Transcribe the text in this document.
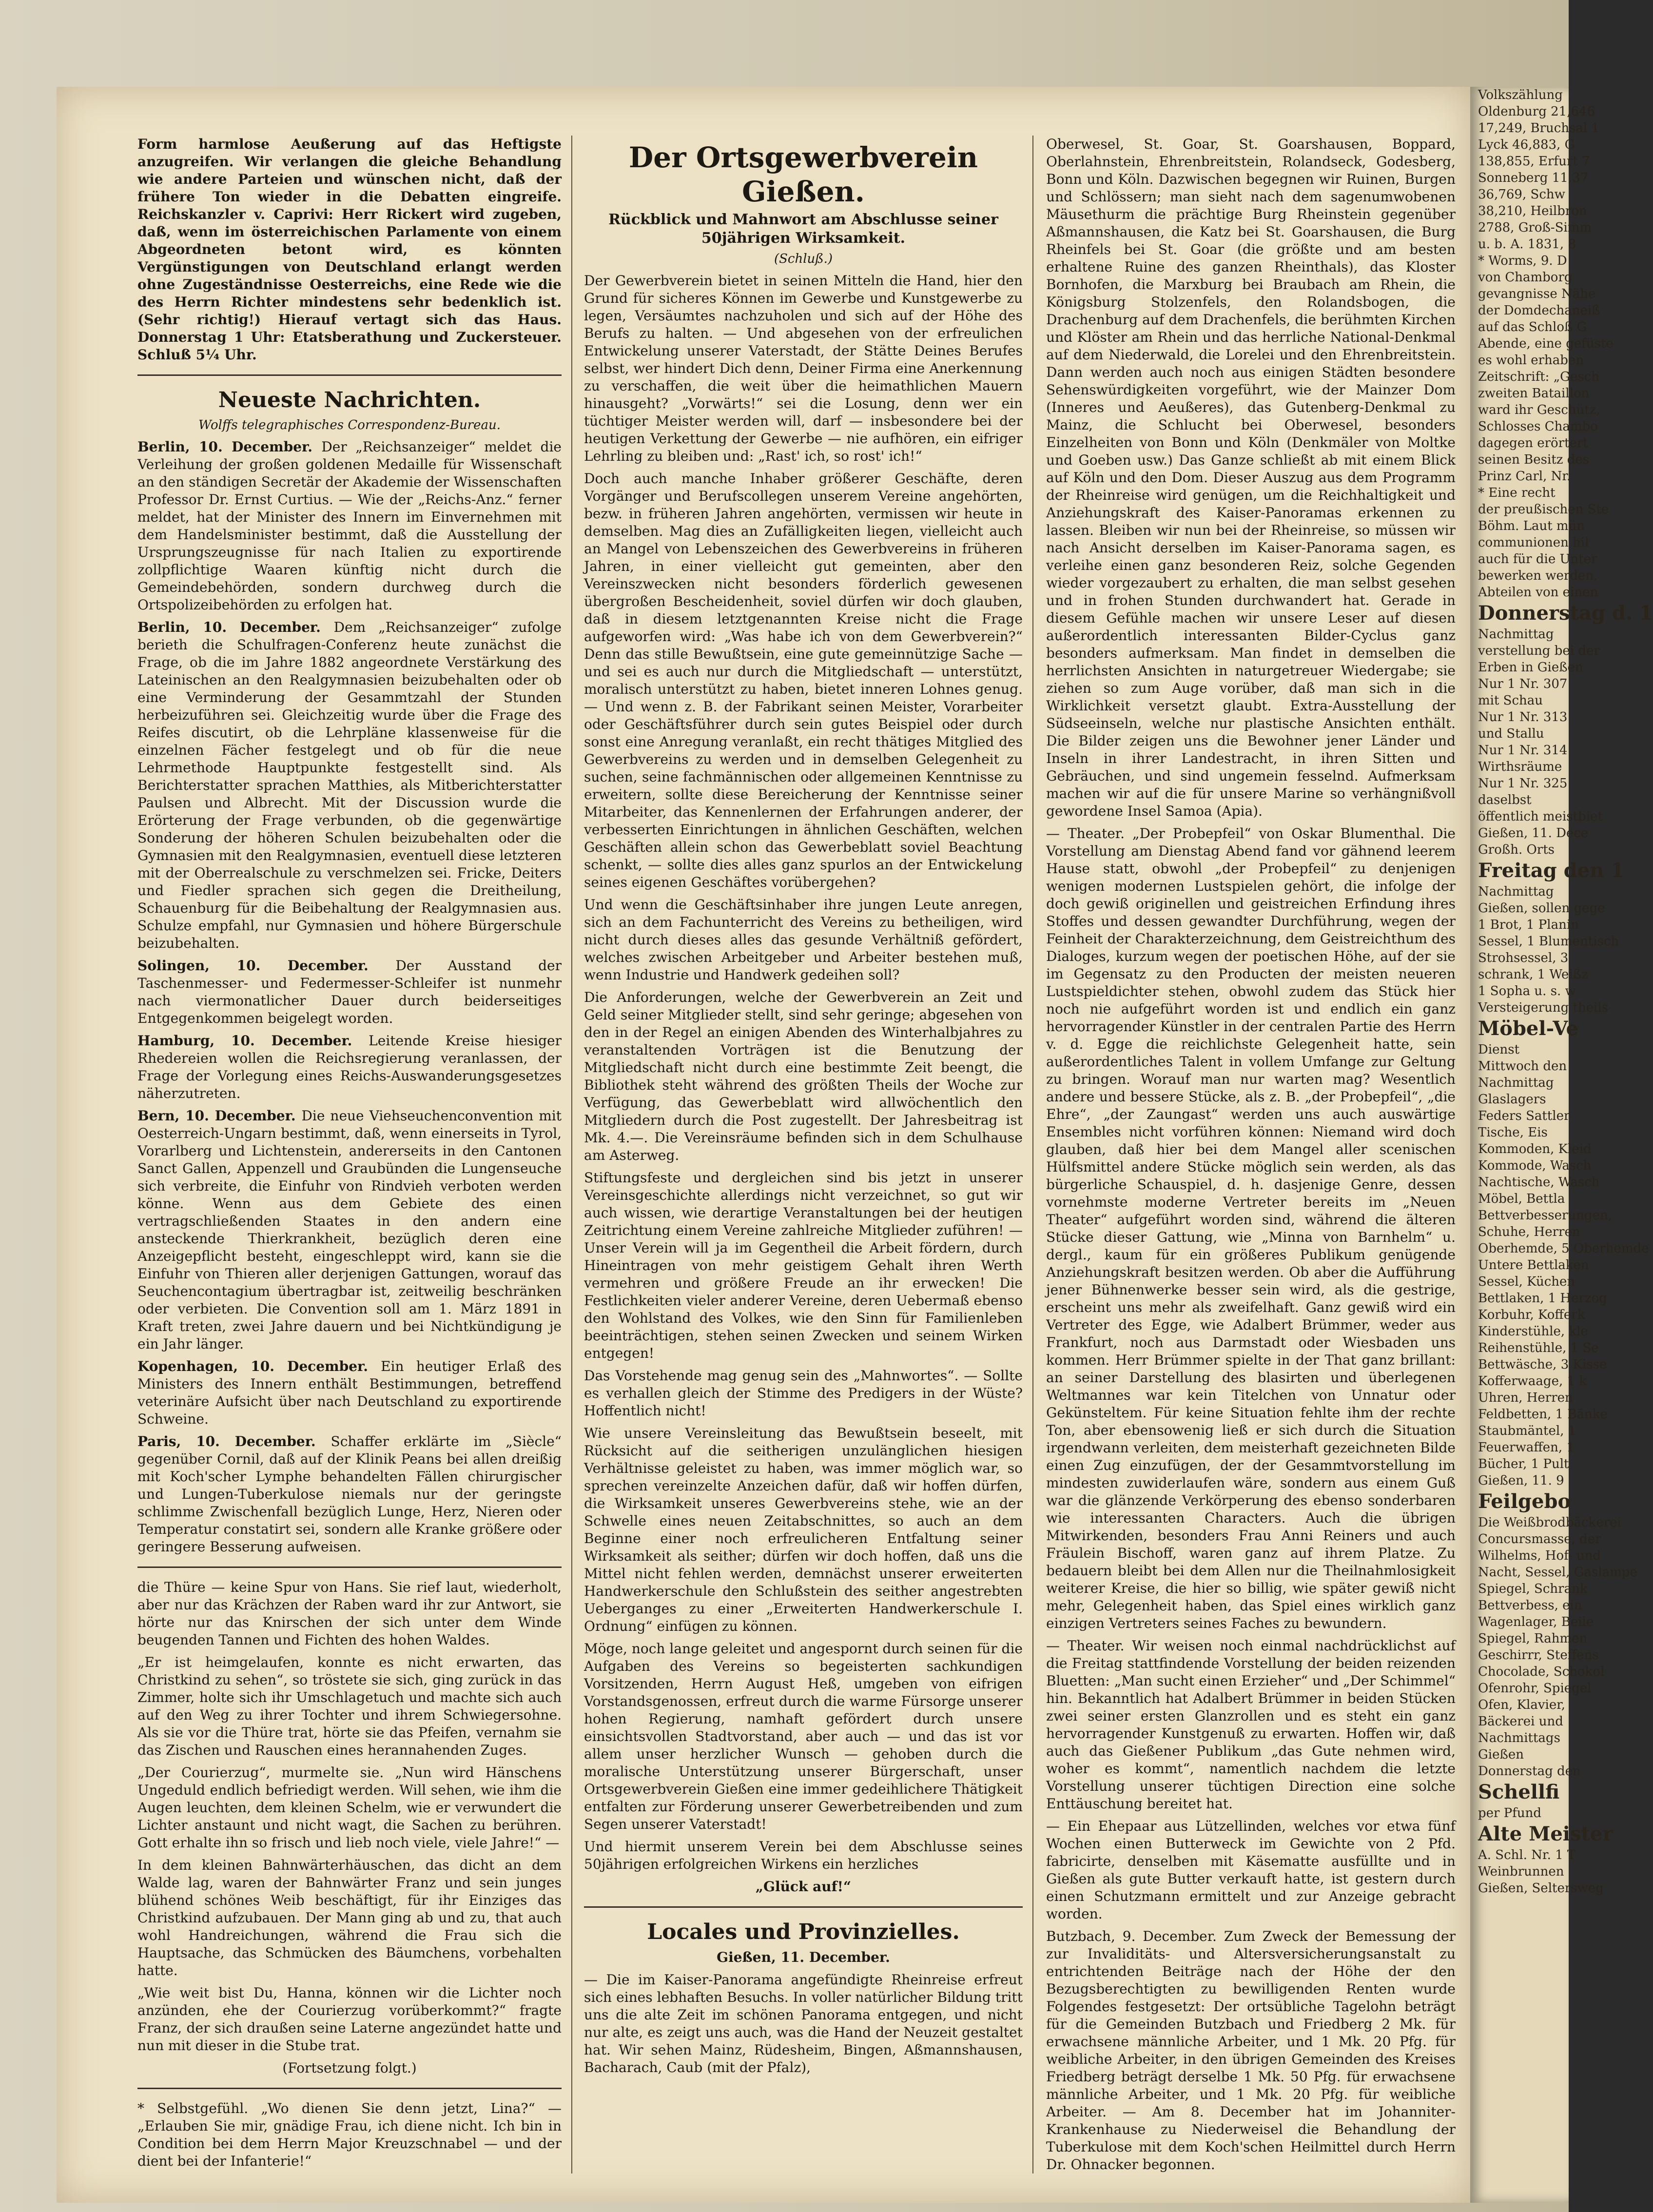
Form harmlose Aeußerung auf das Heftigste anzugreifen. Wir verlangen die gleiche Behandlung wie andere Parteien und wünschen nicht, daß der frühere Ton wieder in die Debatten eingreife. Reichskanzler v. Caprivi: Herr Rickert wird zugeben, daß, wenn im österreichischen Parlamente von einem Abgeordneten betont wird, es könnten Vergünstigungen von Deutschland erlangt werden ohne Zugeständnisse Oesterreichs, eine Rede wie die des Herrn Richter mindestens sehr bedenklich ist. (Sehr richtig!) Hierauf vertagt sich das Haus. Donnerstag 1 Uhr: Etatsberathung und Zuckersteuer. Schluß 5¼ Uhr.

Neueste Nachrichten.
Wolffs telegraphisches Correspondenz-Bureau.

Berlin, 10. December. Der „Reichsanzeiger“ meldet die Verleihung der großen goldenen Medaille für Wissenschaft an den ständigen Secretär der Akademie der Wissenschaften Professor Dr. Ernst Curtius. — Wie der „Reichs-Anz.“ ferner meldet, hat der Minister des Innern im Einvernehmen mit dem Handelsminister bestimmt, daß die Ausstellung der Ursprungszeugnisse für nach Italien zu exportirende zollpflichtige Waaren künftig nicht durch die Gemeindebehörden, sondern durchweg durch die Ortspolizeibehörden zu erfolgen hat.

Berlin, 10. December. Dem „Reichsanzeiger“ zufolge berieth die Schulfragen-Conferenz heute zunächst die Frage, ob die im Jahre 1882 angeordnete Verstärkung des Lateinischen an den Realgymnasien beizubehalten oder ob eine Verminderung der Gesammtzahl der Stunden herbeizuführen sei. Gleichzeitig wurde über die Frage des Reifes discutirt, ob die Lehrpläne klassenweise für die einzelnen Fächer festgelegt und ob für die neue Lehrmethode Hauptpunkte festgestellt sind. Als Berichterstatter sprachen Matthies, als Mitberichterstatter Paulsen und Albrecht. Mit der Discussion wurde die Erörterung der Frage verbunden, ob die gegenwärtige Sonderung der höheren Schulen beizubehalten oder die Gymnasien mit den Realgymnasien, eventuell diese letzteren mit der Oberrealschule zu verschmelzen sei. Fricke, Deiters und Fiedler sprachen sich gegen die Dreitheilung, Schauenburg für die Beibehaltung der Realgymnasien aus. Schulze empfahl, nur Gymnasien und höhere Bürgerschule beizubehalten.

Solingen, 10. December. Der Ausstand der Taschenmesser- und Federmesser-Schleifer ist nunmehr nach viermonatlicher Dauer durch beiderseitiges Entgegenkommen beigelegt worden.

Hamburg, 10. December. Leitende Kreise hiesiger Rhedereien wollen die Reichsregierung veranlassen, der Frage der Vorlegung eines Reichs-Auswanderungsgesetzes näherzutreten.

Bern, 10. December. Die neue Viehseuchenconvention mit Oesterreich-Ungarn bestimmt, daß, wenn einerseits in Tyrol, Vorarlberg und Lichtenstein, andererseits in den Cantonen Sanct Gallen, Appenzell und Graubünden die Lungenseuche sich verbreite, die Einfuhr von Rindvieh verboten werden könne. Wenn aus dem Gebiete des einen vertragschließenden Staates in den andern eine ansteckende Thierkrankheit, bezüglich deren eine Anzeigepflicht besteht, eingeschleppt wird, kann sie die Einfuhr von Thieren aller derjenigen Gattungen, worauf das Seuchencontagium übertragbar ist, zeitweilig beschränken oder verbieten. Die Convention soll am 1. März 1891 in Kraft treten, zwei Jahre dauern und bei Nichtkündigung je ein Jahr länger.

Kopenhagen, 10. December. Ein heutiger Erlaß des Ministers des Innern enthält Bestimmungen, betreffend veterinäre Aufsicht über nach Deutschland zu exportirende Schweine.

Paris, 10. December. Schaffer erklärte im „Siècle“ gegenüber Cornil, daß auf der Klinik Peans bei allen dreißig mit Koch'scher Lymphe behandelten Fällen chirurgischer und Lungen-Tuberkulose niemals nur der geringste schlimme Zwischenfall bezüglich Lunge, Herz, Nieren oder Temperatur constatirt sei, sondern alle Kranke größere oder geringere Besserung aufweisen.

die Thüre — keine Spur von Hans. Sie rief laut, wiederholt, aber nur das Krächzen der Raben ward ihr zur Antwort, sie hörte nur das Knirschen der sich unter dem Winde beugenden Tannen und Fichten des hohen Waldes.

„Er ist heimgelaufen, konnte es nicht erwarten, das Christkind zu sehen“, so tröstete sie sich, ging zurück in das Zimmer, holte sich ihr Umschlagetuch und machte sich auch auf den Weg zu ihrer Tochter und ihrem Schwiegersohne. Als sie vor die Thüre trat, hörte sie das Pfeifen, vernahm sie das Zischen und Rauschen eines herannahenden Zuges.

„Der Courierzug“, murmelte sie. „Nun wird Hänschens Ungeduld endlich befriedigt werden. Will sehen, wie ihm die Augen leuchten, dem kleinen Schelm, wie er verwundert die Lichter anstaunt und nicht wagt, die Sachen zu berühren. Gott erhalte ihn so frisch und lieb noch viele, viele Jahre!“ —

In dem kleinen Bahnwärterhäuschen, das dicht an dem Walde lag, waren der Bahnwärter Franz und sein junges blühend schönes Weib beschäftigt, für ihr Einziges das Christkind aufzubauen. Der Mann ging ab und zu, that auch wohl Handreichungen, während die Frau sich die Hauptsache, das Schmücken des Bäumchens, vorbehalten hatte.

„Wie weit bist Du, Hanna, können wir die Lichter noch anzünden, ehe der Courierzug vorüberkommt?“ fragte Franz, der sich draußen seine Laterne angezündet hatte und nun mit dieser in die Stube trat.

(Fortsetzung folgt.)

* Selbstgefühl. „Wo dienen Sie denn jetzt, Lina?“ — „Erlauben Sie mir, gnädige Frau, ich diene nicht. Ich bin in Condition bei dem Herrn Major Kreuzschnabel — und der dient bei der Infanterie!“

Der Ortsgewerbverein Gießen.
Rückblick und Mahnwort am Abschlusse seiner 50jährigen Wirksamkeit.
(Schluß.)

Der Gewerbverein bietet in seinen Mitteln die Hand, hier den Grund für sicheres Können im Gewerbe und Kunstgewerbe zu legen, Versäumtes nachzuholen und sich auf der Höhe des Berufs zu halten. — Und abgesehen von der erfreulichen Entwickelung unserer Vaterstadt, der Stätte Deines Berufes selbst, wer hindert Dich denn, Deiner Firma eine Anerkennung zu verschaffen, die weit über die heimathlichen Mauern hinausgeht? „Vorwärts!“ sei die Losung, denn wer ein tüchtiger Meister werden will, darf — insbesondere bei der heutigen Verkettung der Gewerbe — nie aufhören, ein eifriger Lehrling zu bleiben und: „Rast' ich, so rost' ich!“

Doch auch manche Inhaber größerer Geschäfte, deren Vorgänger und Berufscollegen unserem Vereine angehörten, bezw. in früheren Jahren angehörten, vermissen wir heute in demselben. Mag dies an Zufälligkeiten liegen, vielleicht auch an Mangel von Lebenszeichen des Gewerbvereins in früheren Jahren, in einer vielleicht gut gemeinten, aber den Vereinszwecken nicht besonders förderlich gewesenen übergroßen Bescheidenheit, soviel dürfen wir doch glauben, daß in diesem letztgenannten Kreise nicht die Frage aufgeworfen wird: „Was habe ich von dem Gewerbverein?“ Denn das stille Bewußtsein, eine gute gemeinnützige Sache — und sei es auch nur durch die Mitgliedschaft — unterstützt, moralisch unterstützt zu haben, bietet inneren Lohnes genug. — Und wenn z. B. der Fabrikant seinen Meister, Vorarbeiter oder Geschäftsführer durch sein gutes Beispiel oder durch sonst eine Anregung veranlaßt, ein recht thätiges Mitglied des Gewerbvereins zu werden und in demselben Gelegenheit zu suchen, seine fachmännischen oder allgemeinen Kenntnisse zu erweitern, sollte diese Bereicherung der Kenntnisse seiner Mitarbeiter, das Kennenlernen der Erfahrungen anderer, der verbesserten Einrichtungen in ähnlichen Geschäften, welchen Geschäften allein schon das Gewerbeblatt soviel Beachtung schenkt, — sollte dies alles ganz spurlos an der Entwickelung seines eigenen Geschäftes vorübergehen?

Und wenn die Geschäftsinhaber ihre jungen Leute anregen, sich an dem Fachunterricht des Vereins zu betheiligen, wird nicht durch dieses alles das gesunde Verhältniß gefördert, welches zwischen Arbeitgeber und Arbeiter bestehen muß, wenn Industrie und Handwerk gedeihen soll?

Die Anforderungen, welche der Gewerbverein an Zeit und Geld seiner Mitglieder stellt, sind sehr geringe; abgesehen von den in der Regel an einigen Abenden des Winterhalbjahres zu veranstaltenden Vorträgen ist die Benutzung der Mitgliedschaft nicht durch eine bestimmte Zeit beengt, die Bibliothek steht während des größten Theils der Woche zur Verfügung, das Gewerbeblatt wird allwöchentlich den Mitgliedern durch die Post zugestellt. Der Jahresbeitrag ist Mk. 4.—. Die Vereinsräume befinden sich in dem Schulhause am Asterweg.

Stiftungsfeste und dergleichen sind bis jetzt in unserer Vereinsgeschichte allerdings nicht verzeichnet, so gut wir auch wissen, wie derartige Veranstaltungen bei der heutigen Zeitrichtung einem Vereine zahlreiche Mitglieder zuführen! — Unser Verein will ja im Gegentheil die Arbeit fördern, durch Hineintragen von mehr geistigem Gehalt ihren Werth vermehren und größere Freude an ihr erwecken! Die Festlichkeiten vieler anderer Vereine, deren Uebermaß ebenso den Wohlstand des Volkes, wie den Sinn für Familienleben beeinträchtigen, stehen seinen Zwecken und seinem Wirken entgegen!

Das Vorstehende mag genug sein des „Mahnwortes“. — Sollte es verhallen gleich der Stimme des Predigers in der Wüste? Hoffentlich nicht!

Wie unsere Vereinsleitung das Bewußtsein beseelt, mit Rücksicht auf die seitherigen unzulänglichen hiesigen Verhältnisse geleistet zu haben, was immer möglich war, so sprechen vereinzelte Anzeichen dafür, daß wir hoffen dürfen, die Wirksamkeit unseres Gewerbvereins stehe, wie an der Schwelle eines neuen Zeitabschnittes, so auch an dem Beginne einer noch erfreulicheren Entfaltung seiner Wirksamkeit als seither; dürfen wir doch hoffen, daß uns die Mittel nicht fehlen werden, demnächst unserer erweiterten Handwerkerschule den Schlußstein des seither angestrebten Ueberganges zu einer „Erweiterten Handwerkerschule I. Ordnung“ einfügen zu können.

Möge, noch lange geleitet und angespornt durch seinen für die Aufgaben des Vereins so begeisterten sachkundigen Vorsitzenden, Herrn August Heß, umgeben von eifrigen Vorstandsgenossen, erfreut durch die warme Fürsorge unserer hohen Regierung, namhaft gefördert durch unsere einsichtsvollen Stadtvorstand, aber auch — und das ist vor allem unser herzlicher Wunsch — gehoben durch die moralische Unterstützung unserer Bürgerschaft, unser Ortsgewerbverein Gießen eine immer gedeihlichere Thätigkeit entfalten zur Förderung unserer Gewerbetreibenden und zum Segen unserer Vaterstadt!

Und hiermit unserem Verein bei dem Abschlusse seines 50jährigen erfolgreichen Wirkens ein herzliches

„Glück auf!“

Locales und Provinzielles.

Gießen, 11. December.

— Die im Kaiser-Panorama angefündigte Rheinreise erfreut sich eines lebhaften Besuchs. In voller natürlicher Bildung tritt uns die alte Zeit im schönen Panorama entgegen, und nicht nur alte, es zeigt uns auch, was die Hand der Neuzeit gestaltet hat. Wir sehen Mainz, Rüdesheim, Bingen, Aßmannshausen, Bacharach, Caub (mit der Pfalz),

Oberwesel, St. Goar, St. Goarshausen, Boppard, Oberlahnstein, Ehrenbreitstein, Rolandseck, Godesberg, Bonn und Köln. Dazwischen begegnen wir Ruinen, Burgen und Schlössern; man sieht nach dem sagenumwobenen Mäusethurm die prächtige Burg Rheinstein gegenüber Aßmannshausen, die Katz bei St. Goarshausen, die Burg Rheinfels bei St. Goar (die größte und am besten erhaltene Ruine des ganzen Rheinthals), das Kloster Bornhofen, die Marxburg bei Braubach am Rhein, die Königsburg Stolzenfels, den Rolandsbogen, die Drachenburg auf dem Drachenfels, die berühmten Kirchen und Klöster am Rhein und das herrliche National-Denkmal auf dem Niederwald, die Lorelei und den Ehrenbreitstein. Dann werden auch noch aus einigen Städten besondere Sehenswürdigkeiten vorgeführt, wie der Mainzer Dom (Inneres und Aeußeres), das Gutenberg-Denkmal zu Mainz, die Schlucht bei Oberwesel, besonders Einzelheiten von Bonn und Köln (Denkmäler von Moltke und Goeben usw.) Das Ganze schließt ab mit einem Blick auf Köln und den Dom. Dieser Auszug aus dem Programm der Rheinreise wird genügen, um die Reichhaltigkeit und Anziehungskraft des Kaiser-Panoramas erkennen zu lassen. Bleiben wir nun bei der Rheinreise, so müssen wir nach Ansicht derselben im Kaiser-Panorama sagen, es verleihe einen ganz besonderen Reiz, solche Gegenden wieder vorgezaubert zu erhalten, die man selbst gesehen und in frohen Stunden durchwandert hat. Gerade in diesem Gefühle machen wir unsere Leser auf diesen außerordentlich interessanten Bilder-Cyclus ganz besonders aufmerksam. Man findet in demselben die herrlichsten Ansichten in naturgetreuer Wiedergabe; sie ziehen so zum Auge vorüber, daß man sich in die Wirklichkeit versetzt glaubt. Extra-Ausstellung der Südseeinseln, welche nur plastische Ansichten enthält. Die Bilder zeigen uns die Bewohner jener Länder und Inseln in ihrer Landestracht, in ihren Sitten und Gebräuchen, und sind ungemein fesselnd. Aufmerksam machen wir auf die für unsere Marine so verhängnißvoll gewordene Insel Samoa (Apia).

— Theater. „Der Probepfeil“ von Oskar Blumenthal. Die Vorstellung am Dienstag Abend fand vor gähnend leerem Hause statt, obwohl „der Probepfeil“ zu denjenigen wenigen modernen Lustspielen gehört, die infolge der doch gewiß originellen und geistreichen Erfindung ihres Stoffes und dessen gewandter Durchführung, wegen der Feinheit der Charakterzeichnung, dem Geistreichthum des Dialoges, kurzum wegen der poetischen Höhe, auf der sie im Gegensatz zu den Producten der meisten neueren Lustspieldichter stehen, obwohl zudem das Stück hier noch nie aufgeführt worden ist und endlich ein ganz hervorragender Künstler in der centralen Partie des Herrn v. d. Egge die reichlichste Gelegenheit hatte, sein außerordentliches Talent in vollem Umfange zur Geltung zu bringen. Worauf man nur warten mag? Wesentlich andere und bessere Stücke, als z. B. „der Probepfeil“, „die Ehre“, „der Zaungast“ werden uns auch auswärtige Ensembles nicht vorführen können: Niemand wird doch glauben, daß hier bei dem Mangel aller scenischen Hülfsmittel andere Stücke möglich sein werden, als das bürgerliche Schauspiel, d. h. dasjenige Genre, dessen vornehmste moderne Vertreter bereits im „Neuen Theater“ aufgeführt worden sind, während die älteren Stücke dieser Gattung, wie „Minna von Barnhelm“ u. dergl., kaum für ein größeres Publikum genügende Anziehungskraft besitzen werden. Ob aber die Aufführung jener Bühnenwerke besser sein wird, als die gestrige, erscheint uns mehr als zweifelhaft. Ganz gewiß wird ein Vertreter des Egge, wie Adalbert Brümmer, weder aus Frankfurt, noch aus Darmstadt oder Wiesbaden uns kommen. Herr Brümmer spielte in der That ganz brillant: an seiner Darstellung des blasirten und überlegenen Weltmannes war kein Titelchen von Unnatur oder Gekünsteltem. Für keine Situation fehlte ihm der rechte Ton, aber ebensowenig ließ er sich durch die Situation irgendwann verleiten, dem meisterhaft gezeichneten Bilde einen Zug einzufügen, der der Gesammtvorstellung im mindesten zuwiderlaufen wäre, sondern aus einem Guß war die glänzende Verkörperung des ebenso sonderbaren wie interessanten Characters. Auch die übrigen Mitwirkenden, besonders Frau Anni Reiners und auch Fräulein Bischoff, waren ganz auf ihrem Platze. Zu bedauern bleibt bei dem Allen nur die Theilnahmlosigkeit weiterer Kreise, die hier so billig, wie später gewiß nicht mehr, Gelegenheit haben, das Spiel eines wirklich ganz einzigen Vertreters seines Faches zu bewundern.

— Theater. Wir weisen noch einmal nachdrücklichst auf die Freitag stattfindende Vorstellung der beiden reizenden Bluetten: „Man sucht einen Erzieher“ und „Der Schimmel“ hin. Bekanntlich hat Adalbert Brümmer in beiden Stücken zwei seiner ersten Glanzrollen und es steht ein ganz hervorragender Kunstgenuß zu erwarten. Hoffen wir, daß auch das Gießener Publikum „das Gute nehmen wird, woher es kommt“, namentlich nachdem die letzte Vorstellung unserer tüchtigen Direction eine solche Enttäuschung bereitet hat.

— Ein Ehepaar aus Lützellinden, welches vor etwa fünf Wochen einen Butterweck im Gewichte von 2 Pfd. fabricirte, denselben mit Käsematte ausfüllte und in Gießen als gute Butter verkauft hatte, ist gestern durch einen Schutzmann ermittelt und zur Anzeige gebracht worden.

Butzbach, 9. December. Zum Zweck der Bemessung der zur Invaliditäts- und Altersversicherungsanstalt zu entrichtenden Beiträge nach der Höhe der den Bezugsberechtigten zu bewilligenden Renten wurde Folgendes festgesetzt: Der ortsübliche Tagelohn beträgt für die Gemeinden Butzbach und Friedberg 2 Mk. für erwachsene männliche Arbeiter, und 1 Mk. 20 Pfg. für weibliche Arbeiter, in den übrigen Gemeinden des Kreises Friedberg beträgt derselbe 1 Mk. 50 Pfg. für erwachsene männliche Arbeiter, und 1 Mk. 20 Pfg. für weibliche Arbeiter. — Am 8. December hat im Johanniter-Krankenhause zu Niederweisel die Behandlung der Tuberkulose mit dem Koch'schen Heilmittel durch Herrn Dr. Ohnacker begonnen.

Volkszählung
Oldenburg 21,646
17,249, Bruchsal 1
Lyck 46,883, G
138,855, Erfurt 7
Sonneberg 11,37
36,769, Schw
38,210, Heilbron
2788, Groß-Simm
u. b. A. 1831, 8
* Worms, 9. D
von Chamborg
gevangnisse Nähe
der Domdechaneiß
auf das Schloß G
Abende, eine gefüste
es wohl erhaben
Zeitschrift: „Gesch
zweiten Bataillon
ward ihr Geschütz,
Schlosses Chambo
dagegen erörtert
seinen Besitz des
Prinz Carl, Nr.
* Eine recht
der preußischen Ste
Böhm. Laut mün
communionen hil
auch für die Unter
bewerken werden,
Abteilen von einen
Donnerstag d. 1
Nachmittag
verstellung bei der
Erben in Gießen
Nur 1 Nr. 307
mit Schau
Nur 1 Nr. 313
und Stallu
Nur 1 Nr. 314
Wirthsräume
Nur 1 Nr. 325
daselbst
öffentlich meistbiet
Gießen, 11. Dece
Großh. Orts
Freitag den 1
Nachmittag
Gießen, sollen gege
1 Brot, 1 Planin
Sessel, 1 Blumentisch
Strohsessel, 3
schrank, 1 Weißz
1 Sopha u. s. w
Versteigerung theils
Möbel-Ve
Dienst
Mittwoch den
Nachmittag
Glaslagers
Feders Sattler
Tische, Eis
Kommoden, Kleid
Kommode, Wasch
Nachtische, Wasch
Möbel, Bettla
Bettverbesserungen,
Schuhe, Herren
Oberhemde, 5 Oberhemde
Untere Bettlaken
Sessel, Küchen
Bettlaken, 1 Herzog
Korbuhr, Kofferk
Kinderstühle, kle
Reihenstühle, 1 Se
Bettwäsche, 3 Kisse
Kofferwaage, 1 k
Uhren, Herren
Feldbetten, 1 Bänke
Staubmäntel, 1
Feuerwaffen, 1
Bücher, 1 Pult
Gießen, 11. 9
Feilgebo
Die Weißbrodbäckerei
Concursmasse, der
Wilhelms, Hof- und
Nacht, Sessel, Gaslampe
Spiegel, Schrank
Bettverbess, ein
Wagenlager, Beile
Spiegel, Rahmen
Geschirrr, Steffens
Chocolade, Schokol
Ofenrohr, Spiegel
Ofen, Klavier,
Bäckerei und
Nachmittags
Gießen
Donnerstag den
Schellfi
per Pfund
Alte Meister
A. Schl. Nr. 1 T
Weinbrunnen
Gießen, Seltersweg
